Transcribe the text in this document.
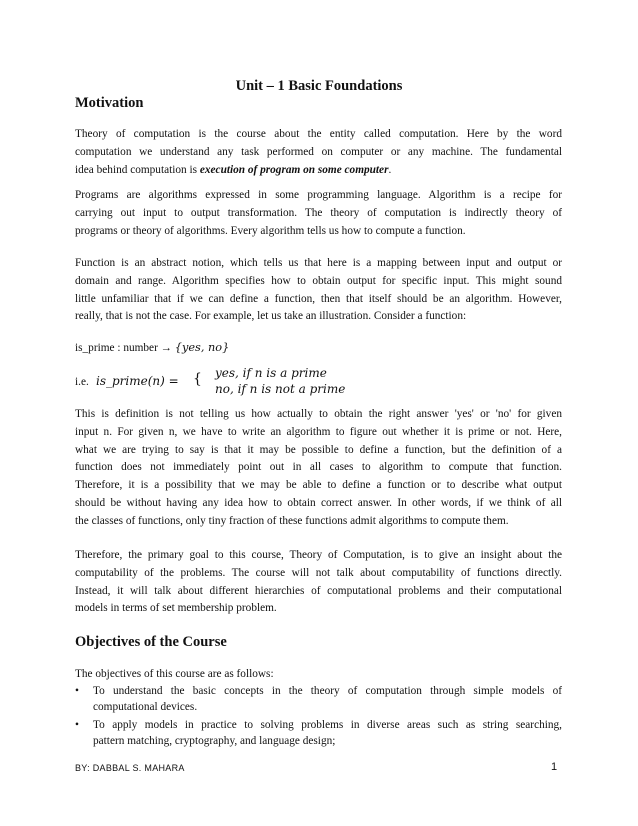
Unit – 1 Basic Foundations
Motivation
Theory of computation is the course about the entity called computation. Here by the word
computation we understand any task performed on computer or any machine. The fundamental
idea behind computation is execution of program on some computer.
Programs are algorithms expressed in some programming language. Algorithm is a recipe for
carrying out input to output transformation. The theory of computation is indirectly theory of
programs or theory of algorithms. Every algorithm tells us how to compute a function.
Function is an abstract notion, which tells us that here is a mapping between input and output or
domain and range. Algorithm specifies how to obtain output for specific input. This might sound
little unfamiliar that if we can define a function, then that itself should be an algorithm. However,
really, that is not the case. For example, let us take an illustration. Consider a function:
is_prime : number → {yes, no}
i.e. is_prime(n) = { yes, if n is a prime
no, if n is not a prime
This is definition is not telling us how actually to obtain the right answer 'yes' or 'no' for given
input n. For given n, we have to write an algorithm to figure out whether it is prime or not. Here,
what we are trying to say is that it may be possible to define a function, but the definition of a
function does not immediately point out in all cases to algorithm to compute that function.
Therefore, it is a possibility that we may be able to define a function or to describe what output
should be without having any idea how to obtain correct answer. In other words, if we think of all
the classes of functions, only tiny fraction of these functions admit algorithms to compute them.
Therefore, the primary goal to this course, Theory of Computation, is to give an insight about the
computability of the problems. The course will not talk about computability of functions directly.
Instead, it will talk about different hierarchies of computational problems and their computational
models in terms of set membership problem.
Objectives of the Course
The objectives of this course are as follows:
• To understand the basic concepts in the theory of computation through simple models of
computational devices.
• To apply models in practice to solving problems in diverse areas such as string searching,
pattern matching, cryptography, and language design;
BY: DABBAL S. MAHARA	1
